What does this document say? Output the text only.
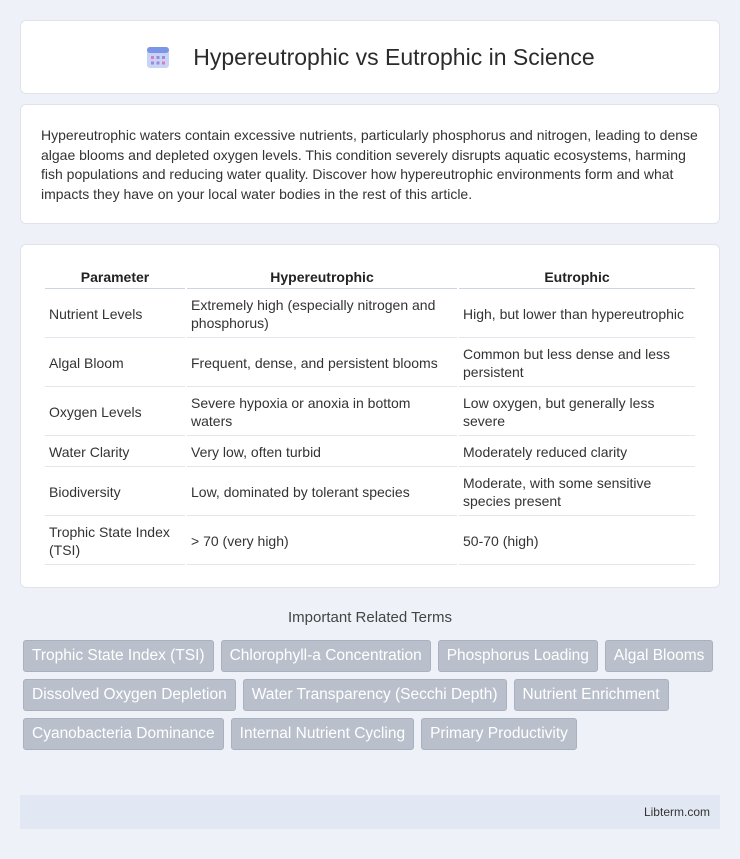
Hypereutrophic vs Eutrophic in Science

Hypereutrophic waters contain excessive nutrients, particularly phosphorus and nitrogen, leading to dense algae blooms and depleted oxygen levels. This condition severely disrupts aquatic ecosystems, harming fish populations and reducing water quality. Discover how hypereutrophic environments form and what impacts they have on your local water bodies in the rest of this article.

Parameter	Hypereutrophic	Eutrophic
Nutrient Levels	Extremely high (especially nitrogen and phosphorus)	High, but lower than hypereutrophic
Algal Bloom	Frequent, dense, and persistent blooms	Common but less dense and less persistent
Oxygen Levels	Severe hypoxia or anoxia in bottom waters	Low oxygen, but generally less severe
Water Clarity	Very low, often turbid	Moderately reduced clarity
Biodiversity	Low, dominated by tolerant species	Moderate, with some sensitive species present
Trophic State Index (TSI)	> 70 (very high)	50-70 (high)
Important Related Terms
Trophic State Index (TSI)	Chlorophyll-a Concentration	Phosphorus Loading	Algal Blooms
Dissolved Oxygen Depletion	Water Transparency (Secchi Depth)	Nutrient Enrichment
Cyanobacteria Dominance	Internal Nutrient Cycling	Primary Productivity
Libterm.com
